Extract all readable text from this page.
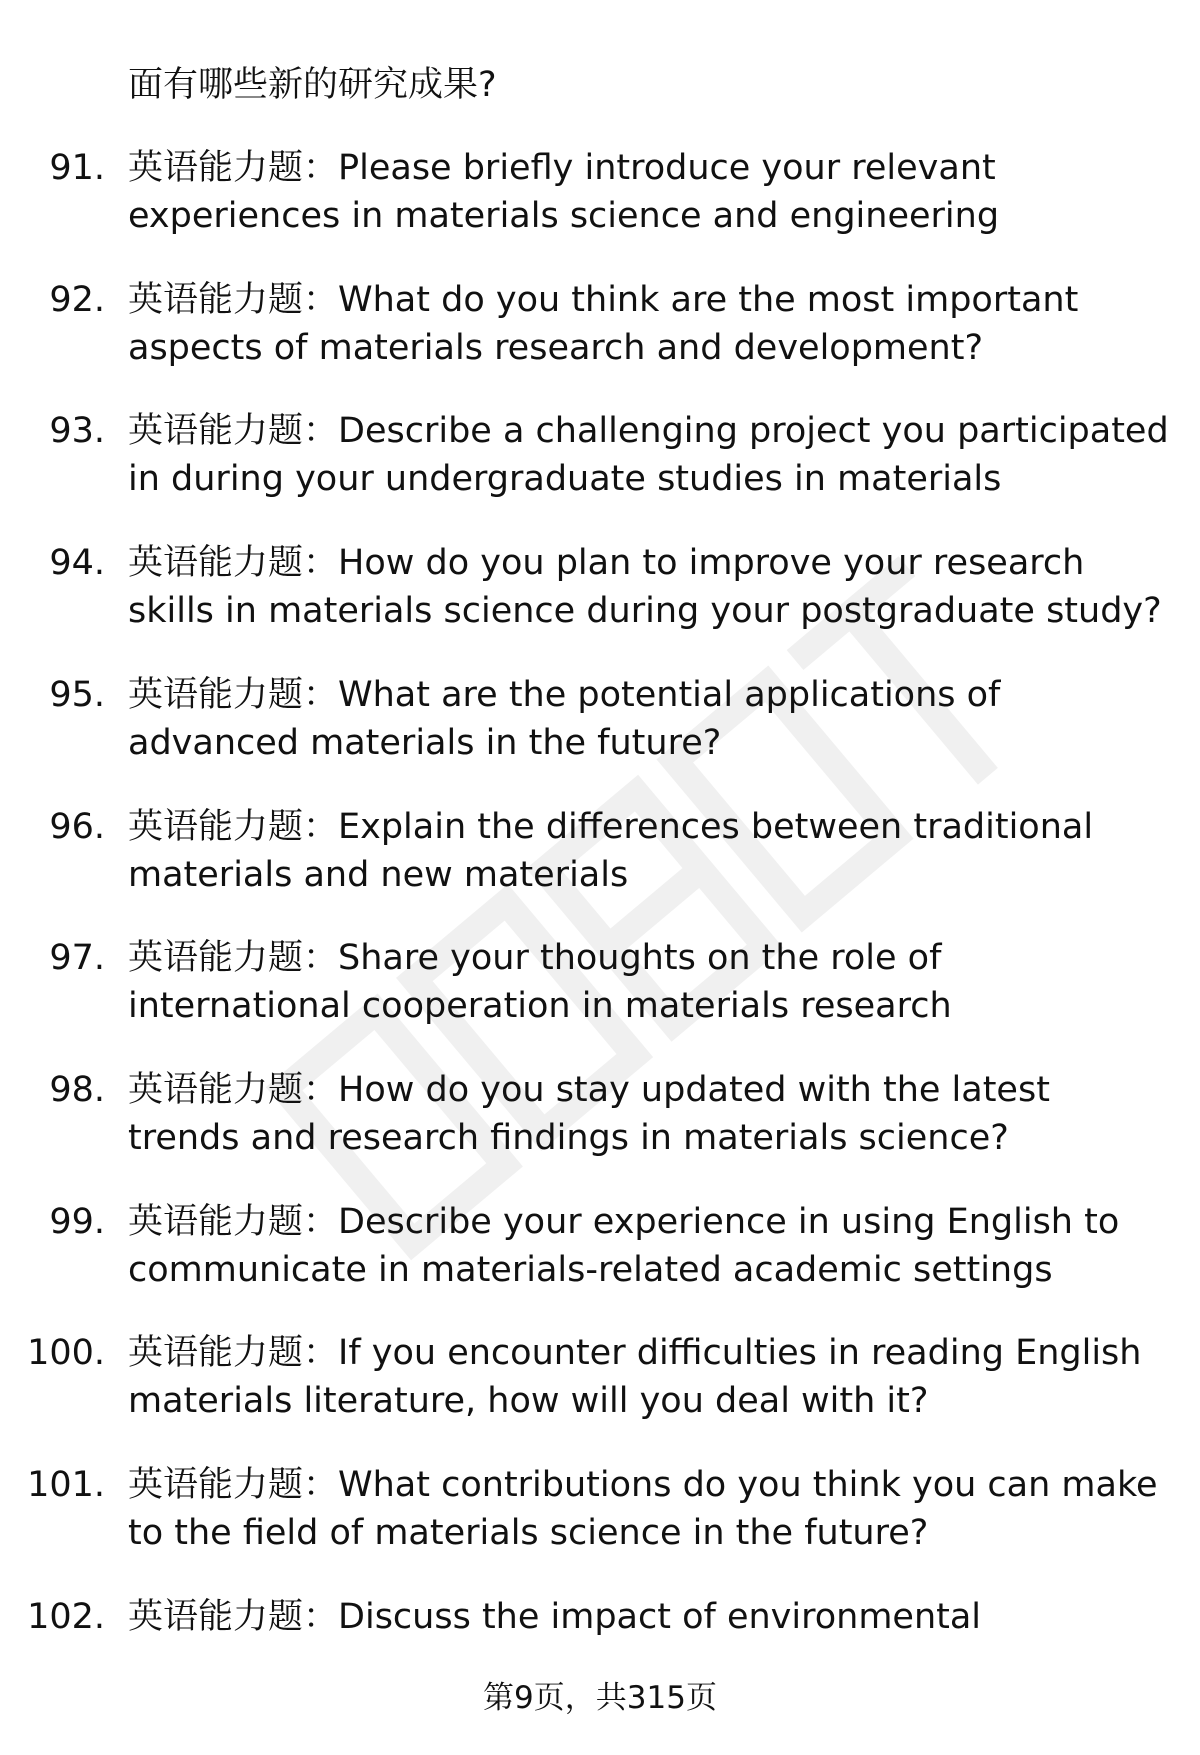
面有哪些新的研究成果?
91. 英语能力题：Please briefly introduce your relevant
experiences in materials science and engineering
92. 英语能力题：What do you think are the most important
aspects of materials research and development?
93. 英语能力题：Describe a challenging project you participated
in during your undergraduate studies in materials
94. 英语能力题：How do you plan to improve your research
skills in materials science during your postgraduate study?
95. 英语能力题：What are the potential applications of
advanced materials in the future?
96. 英语能力题：Explain the differences between traditional
materials and new materials
97. 英语能力题：Share your thoughts on the role of
international cooperation in materials research
98. 英语能力题：How do you stay updated with the latest
trends and research findings in materials science?
99. 英语能力题：Describe your experience in using English to
communicate in materials-related academic settings
100. 英语能力题：If you encounter difficulties in reading English
materials literature, how will you deal with it?
101. 英语能力题：What contributions do you think you can make
to the field of materials science in the future?
102. 英语能力题：Discuss the impact of environmental
第9页，共315页
